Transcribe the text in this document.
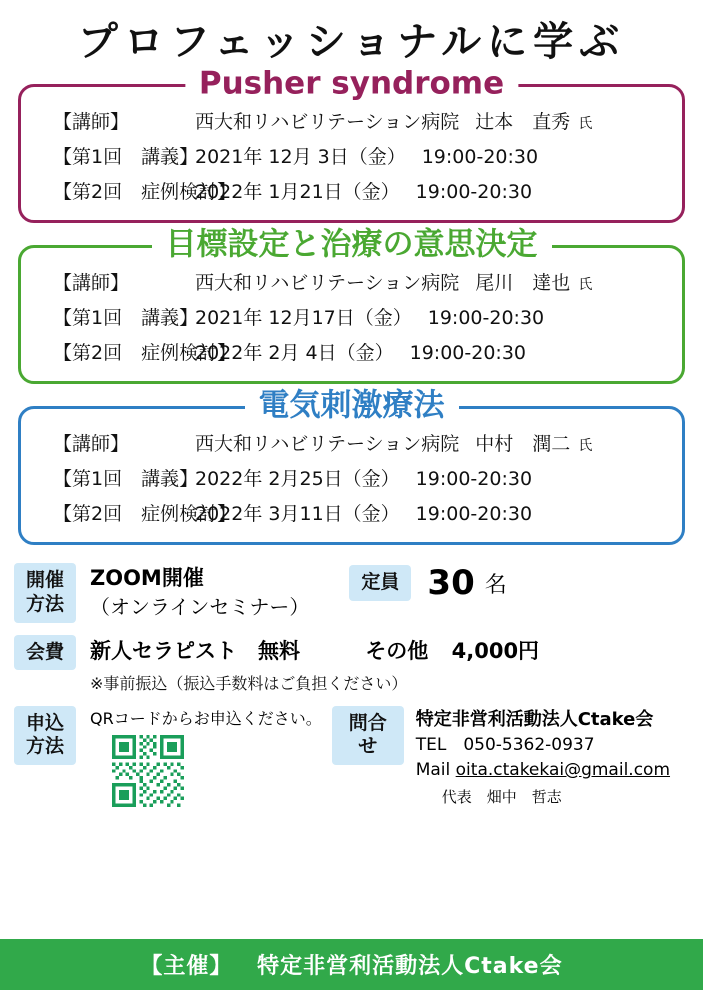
プロフェッショナルに学ぶ
【講師】	西大和リハビリテーション病院 辻本　直秀 氏
【第1回　講義】
2021年 12月 3日（金） 19:00-20:30
【第2回　症例検討】
2022年 1月21日（金） 19:00-20:30
Pusher syndrome
【講師】	西大和リハビリテーション病院 尾川　達也 氏
【第1回　講義】
2021年 12月17日（金） 19:00-20:30
【第2回　症例検討】
2022年 2月 4日（金） 19:00-20:30
目標設定と治療の意思決定
【講師】	西大和リハビリテーション病院 中村　潤二 氏
【第1回　講義】
2022年 2月25日（金） 19:00-20:30
【第2回　症例検討】
2022年 3月11日（金） 19:00-20:30
電気刺激療法
開催
方法
ZOOM開催
（オンラインセミナー）
定員 30 名
会費	新人セラピスト　無料	その他 4,000円
※事前振込（振込手数料はご負担ください）
申込
方法
QRコードからお申込ください。	問合せ
特定非営利活動法人Ctake会
TEL　050-5362-0937
Mail oita.ctakekai@gmail.com
代表　畑中　哲志
【主催】 特定非営利活動法人Ctake会
